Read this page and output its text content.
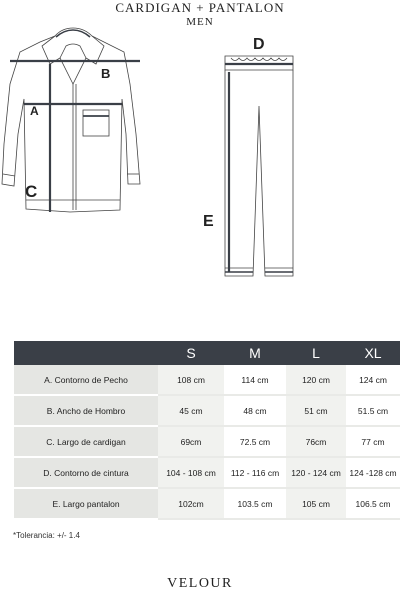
CARDIGAN + PANTALON
MEN
B
A
C
D
E
	S	M	L	XL
A. Contorno de Pecho	108 cm	114 cm	120 cm	124 cm
B. Ancho de Hombro	45 cm	48 cm	51 cm	51.5 cm
C. Largo de cardigan	69cm	72.5 cm	76cm	77 cm
D. Contorno de cintura	104 - 108 cm	112 - 116 cm	120 - 124 cm	124 -128 cm
E. Largo pantalon	102cm	103.5 cm	105 cm	106.5 cm
*Tolerancia: +/- 1.4
VELOUR
